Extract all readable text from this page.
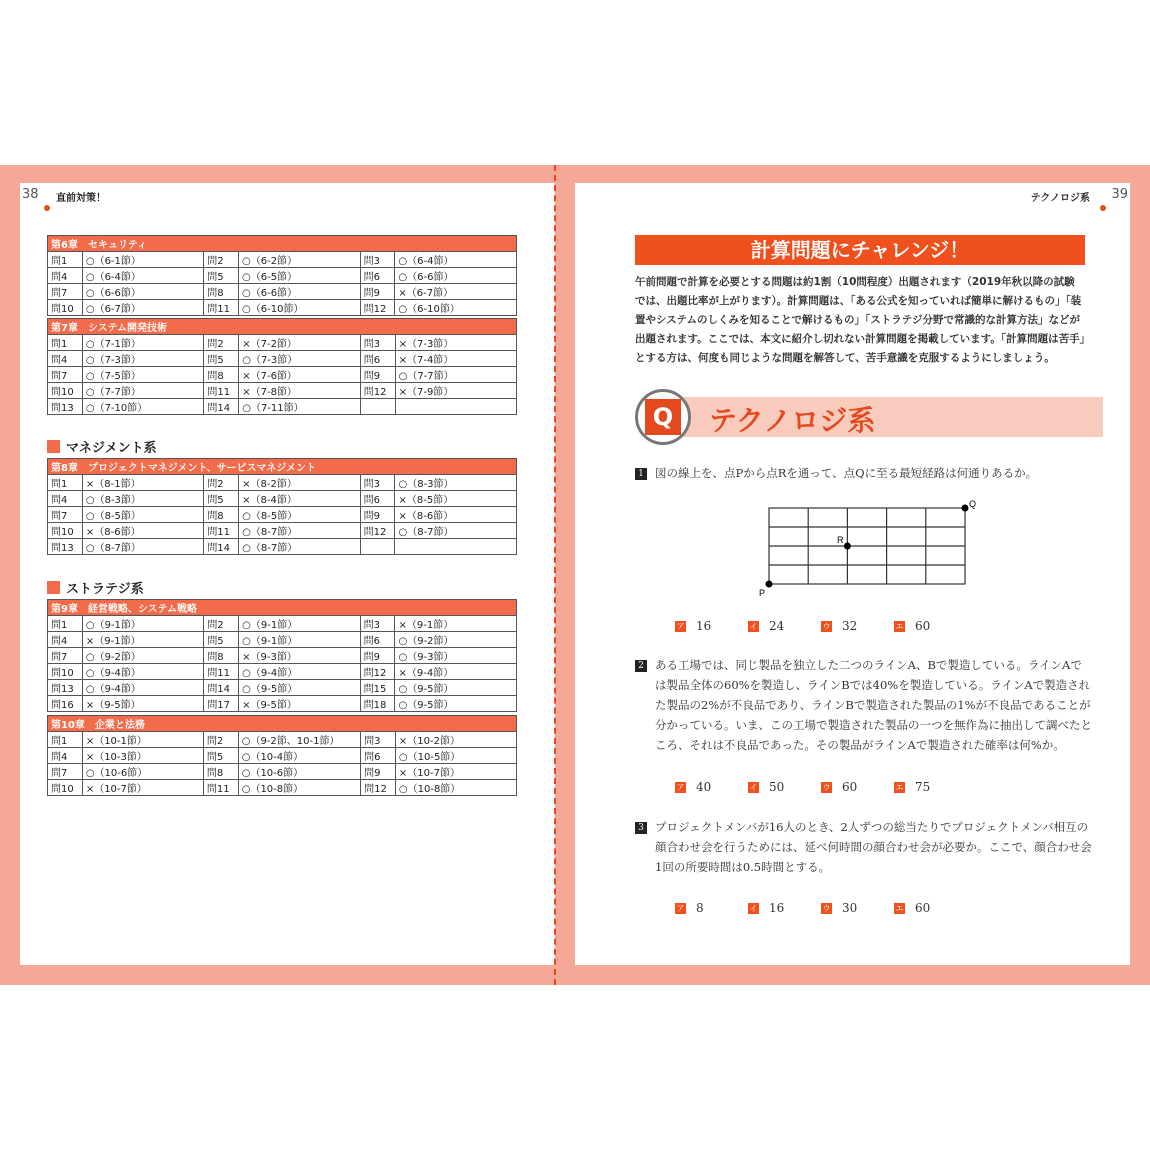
38 直前対策！
第6章　セキュリティ					
問1	○（6-1節）	問2	○（6-2節）	問3	○（6-4節）
問4	○（6-4節）	問5	○（6-5節）	問6	○（6-6節）
問7	○（6-6節）	問8	○（6-6節）	問9	×（6-7節）
問10	○（6-7節）	問11	○（6-10節）	問12	○（6-10節）
第7章　システム開発技術					
問1	○（7-1節）	問2	×（7-2節）	問3	×（7-3節）
問4	○（7-3節）	問5	○（7-3節）	問6	×（7-4節）
問7	○（7-5節）	問8	×（7-6節）	問9	○（7-7節）
問10	○（7-7節）	問11	×（7-8節）	問12	×（7-9節）
問13	○（7-10節）	問14	○（7-11節）		
マネジメント系
第8章　プロジェクトマネジメント、サービスマネジメント					
問1	×（8-1節）	問2	×（8-2節）	問3	○（8-3節）
問4	○（8-3節）	問5	×（8-4節）	問6	×（8-5節）
問7	○（8-5節）	問8	○（8-5節）	問9	×（8-6節）
問10	×（8-6節）	問11	○（8-7節）	問12	○（8-7節）
問13	○（8-7節）	問14	○（8-7節）		
ストラテジ系
第9章　経営戦略、システム戦略					
問1	○（9-1節）	問2	○（9-1節）	問3	×（9-1節）
問4	×（9-1節）	問5	○（9-1節）	問6	○（9-2節）
問7	○（9-2節）	問8	×（9-3節）	問9	○（9-3節）
問10	○（9-4節）	問11	○（9-4節）	問12	×（9-4節）
問13	○（9-4節）	問14	○（9-5節）	問15	○（9-5節）
問16	×（9-5節）	問17	×（9-5節）	問18	○（9-5節）
第10章　企業と法務					
問1	×（10-1節）	問2	○（9-2節、10-1節）	問3	×（10-2節）
問4	×（10-3節）	問5	○（10-4節）	問6	○（10-5節）
問7	○（10-6節）	問8	○（10-6節）	問9	×（10-7節）
問10	×（10-7節）	問11	○（10-8節）	問12	○（10-8節）
39
テクノロジ系
計算問題にチャレンジ！
午前問題で計算を必要とする問題は約1割（10問程度）出題されます（2019年秋以降の試験
では、出題比率が上がります）。計算問題は、「ある公式を知っていれば簡単に解けるもの」「装
置やシステムのしくみを知ることで解けるもの」「ストラテジ分野で常識的な計算方法」などが
出題されます。ここでは、本文に紹介し切れない計算問題を掲載しています。「計算問題は苦手」
とする方は、何度も同じような問題を解答して、苦手意識を克服するようにしましょう。
Q テクノロジ系
1 図の線上を、点Pから点Rを通って、点Qに至る最短経路は何通りあるか。
P
R
Q
ア 16	イ 24	ウ 32	エ 60
2 ある工場では、同じ製品を独立した二つのラインA、Bで製造している。ラインAで
は製品全体の60%を製造し、ラインBでは40%を製造している。ラインAで製造され
た製品の2%が不良品であり、ラインBで製造された製品の1%が不良品であることが
分かっている。いま、この工場で製造された製品の一つを無作為に抽出して調べたと
ころ、それは不良品であった。その製品がラインAで製造された確率は何%か。
ア 40	イ 50	ウ 60	エ 75
3 プロジェクトメンバが16人のとき、2人ずつの総当たりでプロジェクトメンバ相互の
顔合わせ会を行うためには、延べ何時間の顔合わせ会が必要か。ここで、顔合わせ会
1回の所要時間は0.5時間とする。
ア 8	イ 16	ウ 30	エ 60
